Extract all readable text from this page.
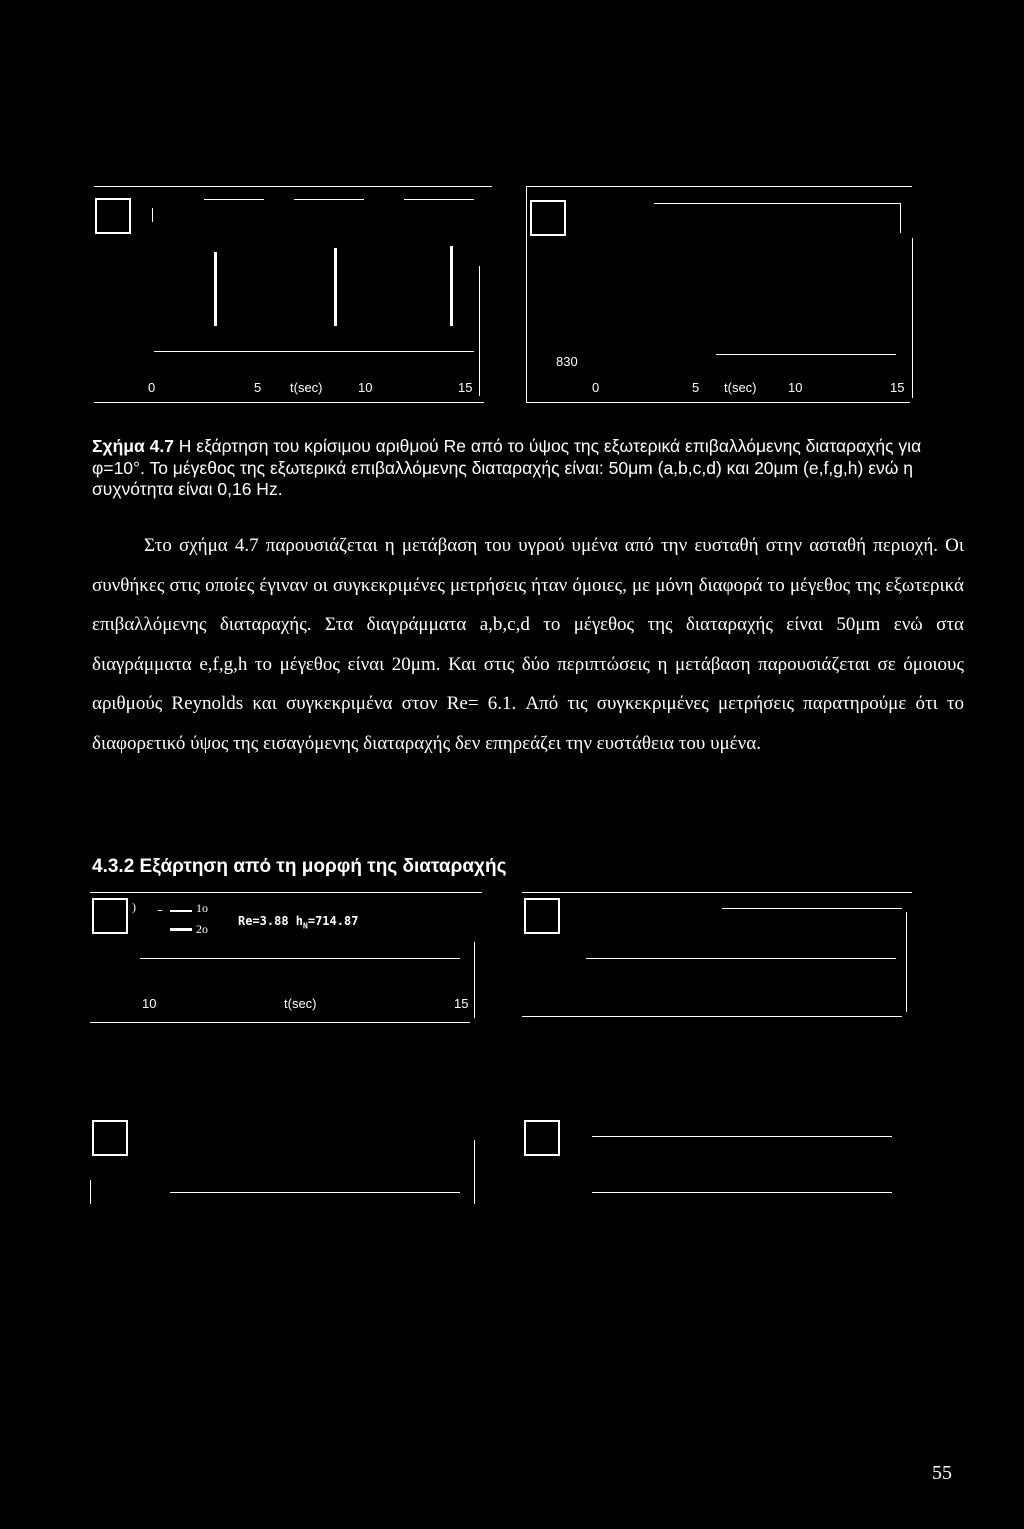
0	5 t(sec)	10	15
830
0	5 t(sec) 10	15
Σχήμα 4.7 Η εξάρτηση του κρίσιμου αριθμού Re από το ύψος της εξωτερικά επιβαλλόμενης διαταραχής για φ=10°. Το μέγεθος της εξωτερικά επιβαλλόμενης διαταραχής είναι: 50μm (a,b,c,d) και 20μm (e,f,g,h) ενώ η συχνότητα είναι 0,16 Hz.

Στο σχήμα 4.7 παρουσιάζεται η μετάβαση του υγρού υμένα από την ευσταθή στην ασταθή περιοχή. Οι συνθήκες στις οποίες έγιναν οι συγκεκριμένες μετρήσεις ήταν όμοιες, με μόνη διαφορά το μέγεθος της εξωτερικά επιβαλλόμενης διαταραχής. Στα διαγράμματα a,b,c,d το μέγεθος της διαταραχής είναι 50μm ενώ στα διαγράμματα e,f,g,h το μέγεθος είναι 20μm. Και στις δύο περιπτώσεις η μετάβαση παρουσιάζεται σε όμοιους αριθμούς Reynolds και συγκεκριμένα στον Re= 6.1. Από τις συγκεκριμένες μετρήσεις παρατηρούμε ότι το διαφορετικό ύψος της εισαγόμενης διαταραχής δεν επηρεάζει την ευστάθεια του υμένα.

4.3.2 Εξάρτηση από τη μορφή της διαταραχής
)	1o
2o
Re=3.88 $h_N=714.87$
10	t(sec)	15
55
